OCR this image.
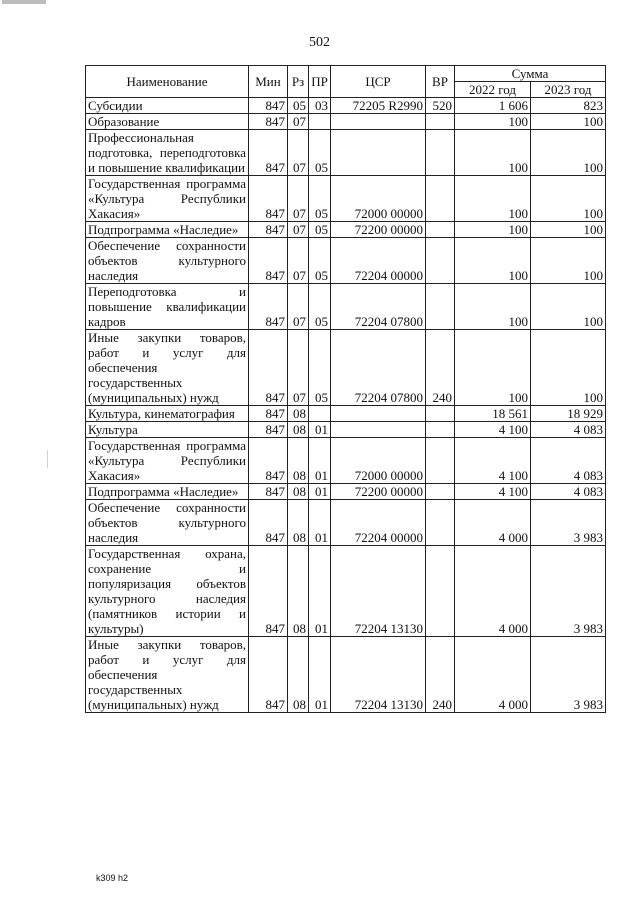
502
Наименование	Мин	Рз	ПР	ЦСР	ВР	Сумма	
						2022 год	2023 год
Субсидии	847	05	03	72205 R2990	520	1 606	823
Образование	847	07				100	100
Профессиональная подготовка, переподготовка и повышение квалификации	847	07	05			100	100
Государственная программа «Культура Республики Хакасия»	847	07	05	72000 00000		100	100
Подпрограмма «Наследие»	847	07	05	72200 00000		100	100
Обеспечение сохранности объектов культурного наследия	847	07	05	72204 00000		100	100
Переподготовка и повышение квалификации кадров	847	07	05	72204 07800		100	100
Иные закупки товаров, работ и услуг для обеспечения государственных (муниципальных) нужд	847	07	05	72204 07800	240	100	100
Культура, кинематография	847	08				18 561	18 929
Культура	847	08	01			4 100	4 083
Государственная программа «Культура Республики Хакасия»	847	08	01	72000 00000		4 100	4 083
Подпрограмма «Наследие»	847	08	01	72200 00000		4 100	4 083
Обеспечение сохранности объектов культурного наследия	847	08	01	72204 00000		4 000	3 983
Государственная охрана, сохранение и популяризация объектов культурного наследия (памятников истории и культуры)	847	08	01	72204 13130		4 000	3 983
Иные закупки товаров, работ и услуг для обеспечения государственных (муниципальных) нужд	847	08	01	72204 13130	240	4 000	3 983
k309 h2
